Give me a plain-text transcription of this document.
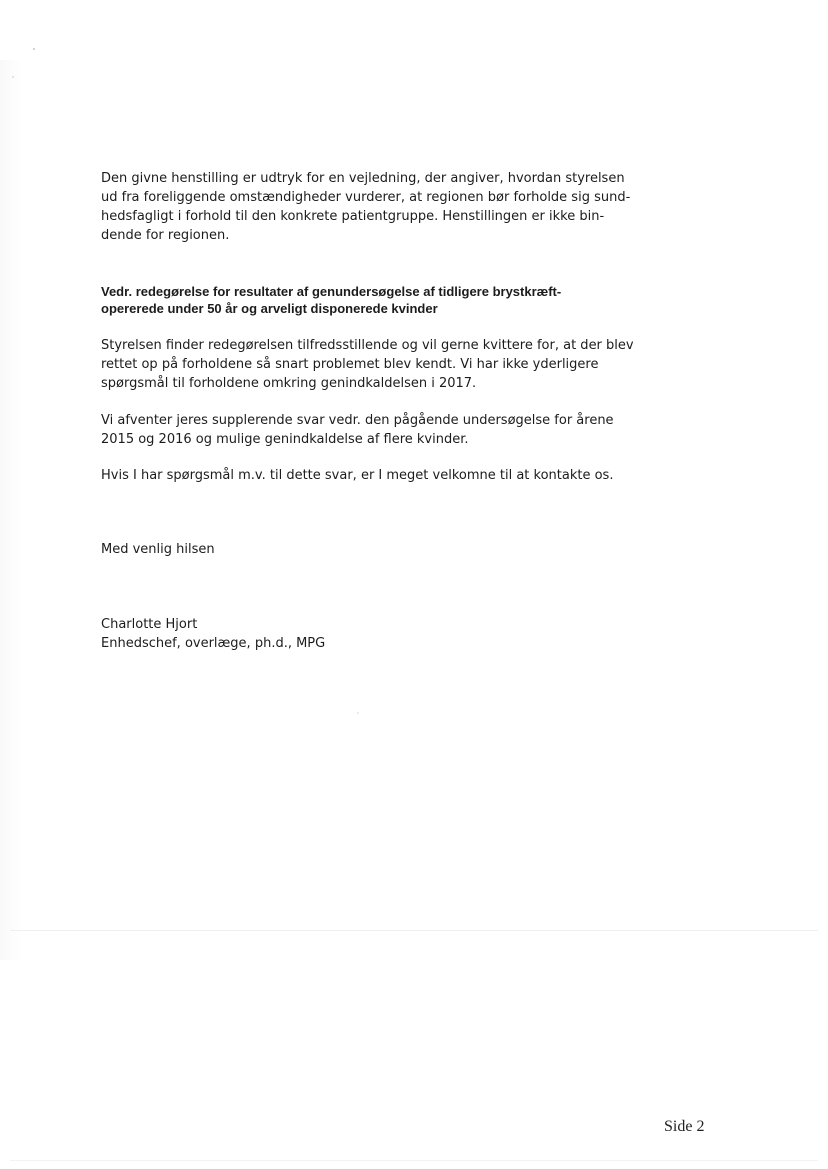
Den givne henstilling er udtryk for en vejledning, der angiver, hvordan styrelsen
ud fra foreliggende omstændigheder vurderer, at regionen bør forholde sig sund-
hedsfagligt i forhold til den konkrete patientgruppe. Henstillingen er ikke bin-
dende for regionen.

Vedr. redegørelse for resultater af genundersøgelse af tidligere brystkræft-
opererede under 50 år og arveligt disponerede kvinder

Styrelsen finder redegørelsen tilfredsstillende og vil gerne kvittere for, at der blev
rettet op på forholdene så snart problemet blev kendt. Vi har ikke yderligere
spørgsmål til forholdene omkring genindkaldelsen i 2017.

Vi afventer jeres supplerende svar vedr. den pågående undersøgelse for årene
2015 og 2016 og mulige genindkaldelse af flere kvinder.

Hvis I har spørgsmål m.v. til dette svar, er I meget velkomne til at kontakte os.

Med venlig hilsen

Charlotte Hjort

Enhedschef, overlæge, ph.d., MPG

Side 2
